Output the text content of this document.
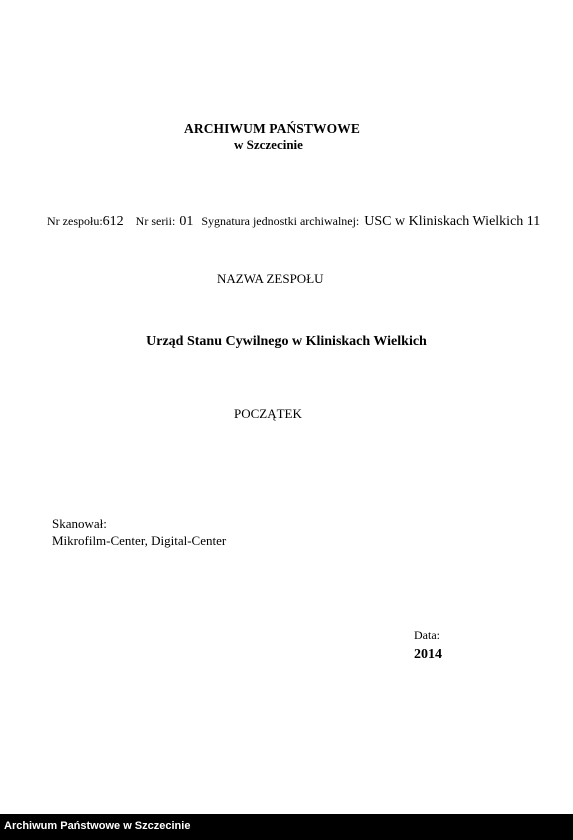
ARCHIWUM PAŃSTWOWE
w Szczecinie
Nr zespołu:612 Nr serii: 01 Sygnatura jednostki archiwalnej: USC w Kliniskach Wielkich 11
NAZWA ZESPOŁU
Urząd Stanu Cywilnego w Kliniskach Wielkich
POCZĄTEK
Skanował:
Mikrofilm-Center, Digital-Center
Data:
2014
Archiwum Państwowe w Szczecinie
